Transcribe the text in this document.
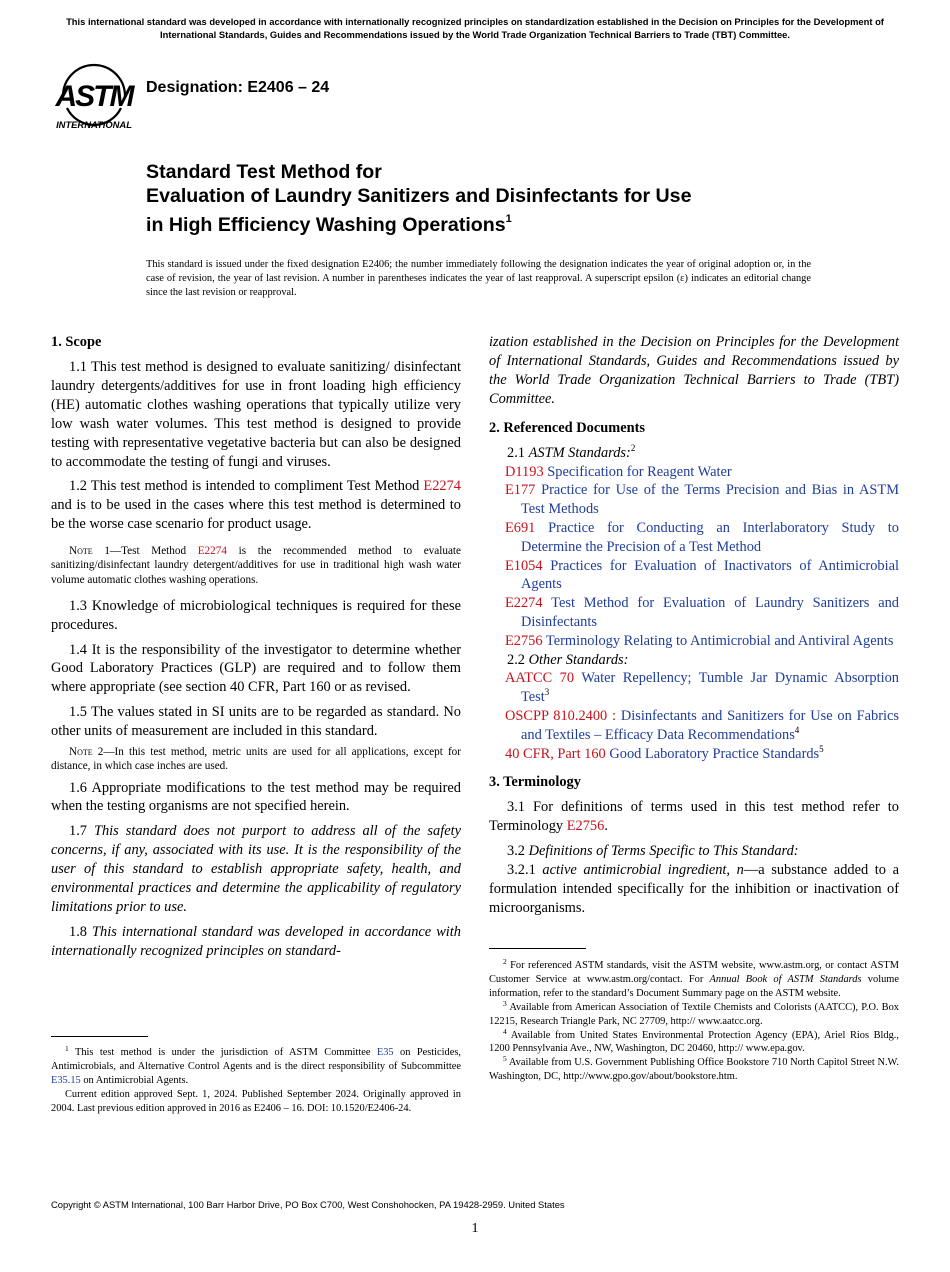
This international standard was developed in accordance with internationally recognized principles on standardization established in the Decision on Principles for the Development of International Standards, Guides and Recommendations issued by the World Trade Organization Technical Barriers to Trade (TBT) Committee.
ASTM
INTERNATIONAL
Designation: E2406 – 24
Standard Test Method for
Evaluation of Laundry Sanitizers and Disinfectants for Use
in High Efficiency Washing Operations$^1$
This standard is issued under the fixed designation E2406; the number immediately following the designation indicates the year of original adoption or, in the case of revision, the year of last revision. A number in parentheses indicates the year of last reapproval. A superscript epsilon (ε) indicates an editorial change since the last revision or reapproval.
1. Scope
1.1 This test method is designed to evaluate sanitizing/ disinfectant laundry detergents/additives for use in front loading high efficiency (HE) automatic clothes washing operations that typically utilize very low wash water volumes. This test method is designed to provide testing with representative vegetative bacteria but can also be designed to accommodate the testing of fungi and viruses.
1.2 This test method is intended to compliment Test Method E2274 and is to be used in the cases where this test method is determined to be the worse case scenario for product usage.
Note 1—Test Method E2274 is the recommended method to evaluate sanitizing/disinfectant laundry detergent/additives for use in traditional high wash water volume automatic clothes washing operations.
1.3 Knowledge of microbiological techniques is required for these procedures.
1.4 It is the responsibility of the investigator to determine whether Good Laboratory Practices (GLP) are required and to follow them where appropriate (see section 40 CFR, Part 160 or as revised.
1.5 The values stated in SI units are to be regarded as standard. No other units of measurement are included in this standard.
Note 2—In this test method, metric units are used for all applications, except for distance, in which case inches are used.
1.6 Appropriate modifications to the test method may be required when the testing organisms are not specified herein.
1.7 This standard does not purport to address all of the safety concerns, if any, associated with its use. It is the responsibility of the user of this standard to establish appropriate safety, health, and environmental practices and determine the applicability of regulatory limitations prior to use.
1.8 This international standard was developed in accordance with internationally recognized principles on standard-
ization established in the Decision on Principles for the Development of International Standards, Guides and Recommendations issued by the World Trade Organization Technical Barriers to Trade (TBT) Committee.
2. Referenced Documents
2.1 ASTM Standards:$^2$
D1193 Specification for Reagent Water
E177 Practice for Use of the Terms Precision and Bias in ASTM Test Methods
E691 Practice for Conducting an Interlaboratory Study to Determine the Precision of a Test Method
E1054 Practices for Evaluation of Inactivators of Antimicrobial Agents
E2274 Test Method for Evaluation of Laundry Sanitizers and Disinfectants
E2756 Terminology Relating to Antimicrobial and Antiviral Agents
2.2 Other Standards:
AATCC 70 Water Repellency; Tumble Jar Dynamic Absorption Test$^3$
OSCPP 810.2400 : Disinfectants and Sanitizers for Use on Fabrics and Textiles – Efficacy Data Recommendations$^4$
40 CFR, Part 160 Good Laboratory Practice Standards$^5$
3. Terminology
3.1 For definitions of terms used in this test method refer to Terminology E2756.
3.2 Definitions of Terms Specific to This Standard:
3.2.1 active antimicrobial ingredient, n—a substance added to a formulation intended specifically for the inhibition or inactivation of microorganisms.
$^1$ This test method is under the jurisdiction of ASTM Committee E35 on Pesticides, Antimicrobials, and Alternative Control Agents and is the direct responsibility of Subcommittee E35.15 on Antimicrobial Agents.
Current edition approved Sept. 1, 2024. Published September 2024. Originally approved in 2004. Last previous edition approved in 2016 as E2406 – 16. DOI: 10.1520/E2406-24.
$^2$ For referenced ASTM standards, visit the ASTM website, www.astm.org, or contact ASTM Customer Service at www.astm.org/contact. For Annual Book of ASTM Standards volume information, refer to the standard’s Document Summary page on the ASTM website.
$^3$ Available from American Association of Textile Chemists and Colorists (AATCC), P.O. Box 12215, Research Triangle Park, NC 27709, http:// www.aatcc.org.
$^4$ Available from United States Environmental Protection Agency (EPA), Ariel Rios Bldg., 1200 Pennsylvania Ave., NW, Washington, DC 20460, http:// www.epa.gov.
$^5$ Available from U.S. Government Publishing Office Bookstore 710 North Capitol Street N.W. Washington, DC, http://www.gpo.gov/about/bookstore.htm.
Copyright © ASTM International, 100 Barr Harbor Drive, PO Box C700, West Conshohocken, PA 19428-2959. United States
1
